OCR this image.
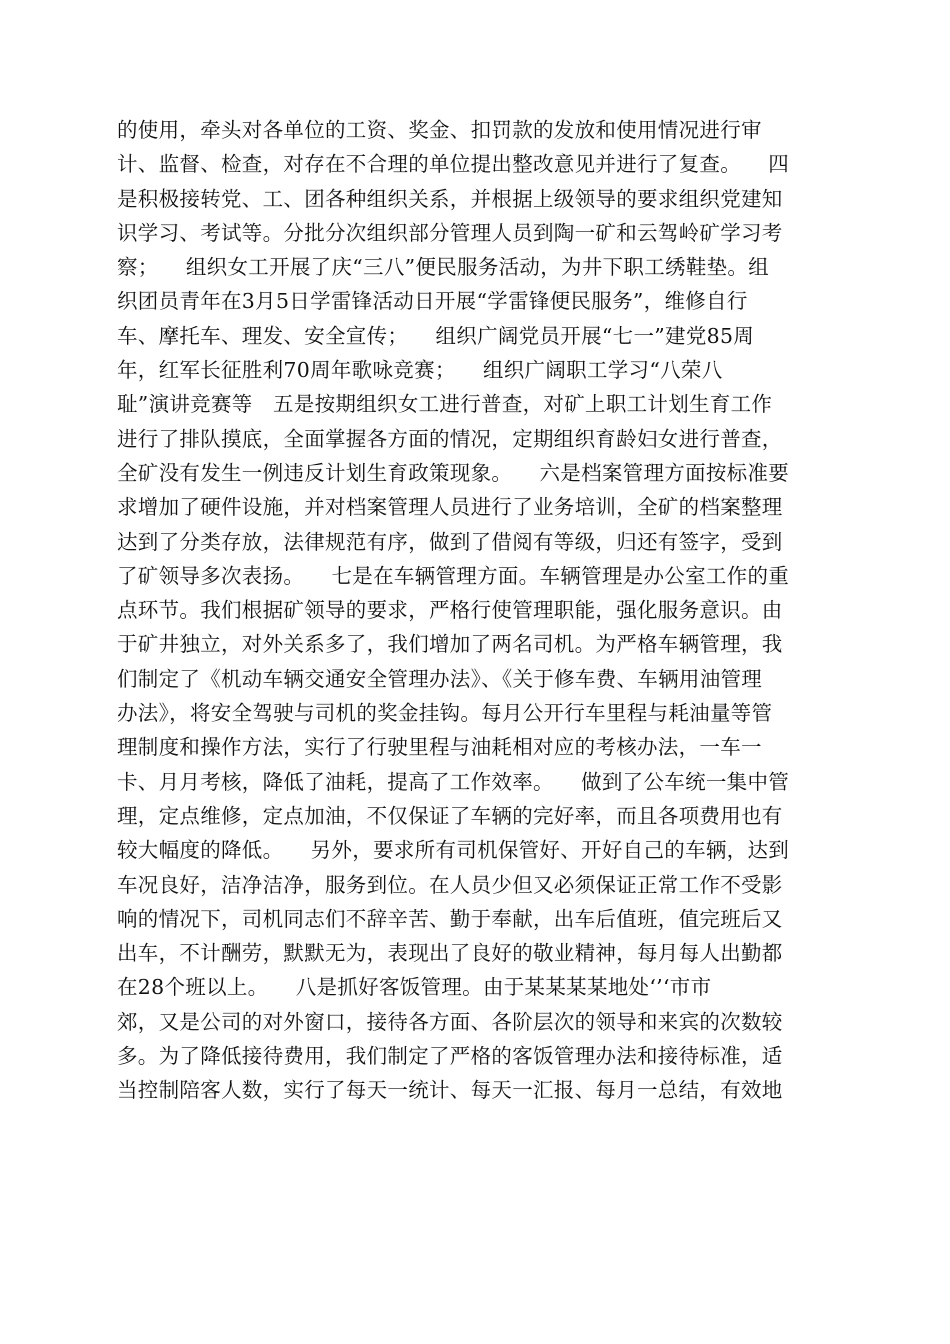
的使用，牵头对各单位的工资、奖金、扣罚款的发放和使用情况进行审
计、监督、检查，对存在不合理的单位提出整改意见并进行了复查。    四
是积极接转党、工、团各种组织关系，并根据上级领导的要求组织党建知
识学习、考试等。分批分次组织部分管理人员到陶一矿和云驾岭矿学习考
察；    组织女工开展了庆“三八”便民服务活动，为井下职工绣鞋垫。组
织团员青年在3月5日学雷锋活动日开展“学雷锋便民服务”，维修自行
车、摩托车、理发、安全宣传；    组织广阔党员开展“七一”建党85周
年，红军长征胜利70周年歌咏竞赛；    组织广阔职工学习“八荣八
耻”演讲竞赛等   五是按期组织女工进行普查，对矿上职工计划生育工作
进行了排队摸底，全面掌握各方面的情况，定期组织育龄妇女进行普查，
全矿没有发生一例违反计划生育政策现象。    六是档案管理方面按标准要
求增加了硬件设施，并对档案管理人员进行了业务培训，全矿的档案整理
达到了分类存放，法律规范有序，做到了借阅有等级，归还有签字，受到
了矿领导多次表扬。    七是在车辆管理方面。车辆管理是办公室工作的重
点环节。我们根据矿领导的要求，严格行使管理职能，强化服务意识。由
于矿井独立，对外关系多了，我们增加了两名司机。为严格车辆管理，我
们制定了《机动车辆交通安全管理办法》、《关于修车费、车辆用油管理
办法》，将安全驾驶与司机的奖金挂钩。每月公开行车里程与耗油量等管
理制度和操作方法，实行了行驶里程与油耗相对应的考核办法，一车一
卡、月月考核，降低了油耗，提高了工作效率。    做到了公车统一集中管
理，定点维修，定点加油，不仅保证了车辆的完好率，而且各项费用也有
较大幅度的降低。    另外，要求所有司机保管好、开好自己的车辆，达到
车况良好，洁净洁净，服务到位。在人员少但又必须保证正常工作不受影
响的情况下，司机同志们不辞辛苦、勤于奉献，出车后值班，值完班后又
出车，不计酬劳，默默无为，表现出了良好的敬业精神，每月每人出勤都
在28个班以上。    八是抓好客饭管理。由于某某某某地处‘’‘市市
郊，又是公司的对外窗口，接待各方面、各阶层次的领导和来宾的次数较
多。为了降低接待费用，我们制定了严格的客饭管理办法和接待标准，适
当控制陪客人数，实行了每天一统计、每天一汇报、每月一总结，有效地
